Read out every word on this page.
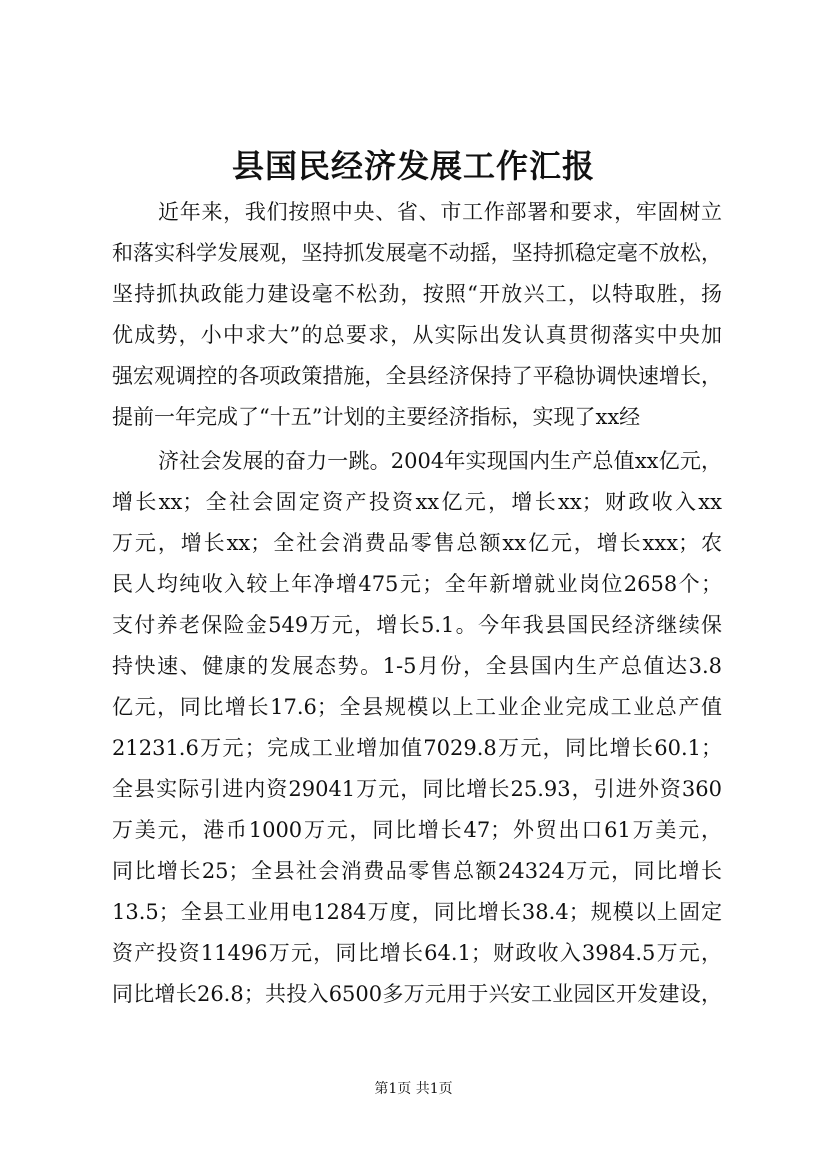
县国民经济发展工作汇报
近年来，我们按照中央、省、市工作部署和要求，牢固树立
和落实科学发展观，坚持抓发展毫不动摇，坚持抓稳定毫不放松，
坚持抓执政能力建设毫不松劲，按照“开放兴工，以特取胜，扬
优成势，小中求大”的总要求，从实际出发认真贯彻落实中央加
强宏观调控的各项政策措施，全县经济保持了平稳协调快速增长，
提前一年完成了“十五”计划的主要经济指标，实现了xx经
济社会发展的奋力一跳。2004年实现国内生产总值xx亿元，
增长xx；全社会固定资产投资xx亿元，增长xx；财政收入xx
万元，增长xx；全社会消费品零售总额xx亿元，增长xxx；农
民人均纯收入较上年净增475元；全年新增就业岗位2658个；
支付养老保险金549万元，增长5.1。今年我县国民经济继续保
持快速、健康的发展态势。1-5月份，全县国内生产总值达3.8
亿元，同比增长17.6；全县规模以上工业企业完成工业总产值
21231.6万元；完成工业增加值7029.8万元，同比增长60.1；
全县实际引进内资29041万元，同比增长25.93，引进外资360
万美元，港币1000万元，同比增长47；外贸出口61万美元，
同比增长25；全县社会消费品零售总额24324万元，同比增长
13.5；全县工业用电1284万度，同比增长38.4；规模以上固定
资产投资11496万元，同比增长64.1；财政收入3984.5万元，
同比增长26.8；共投入6500多万元用于兴安工业园区开发建设，
第1页 共1页
